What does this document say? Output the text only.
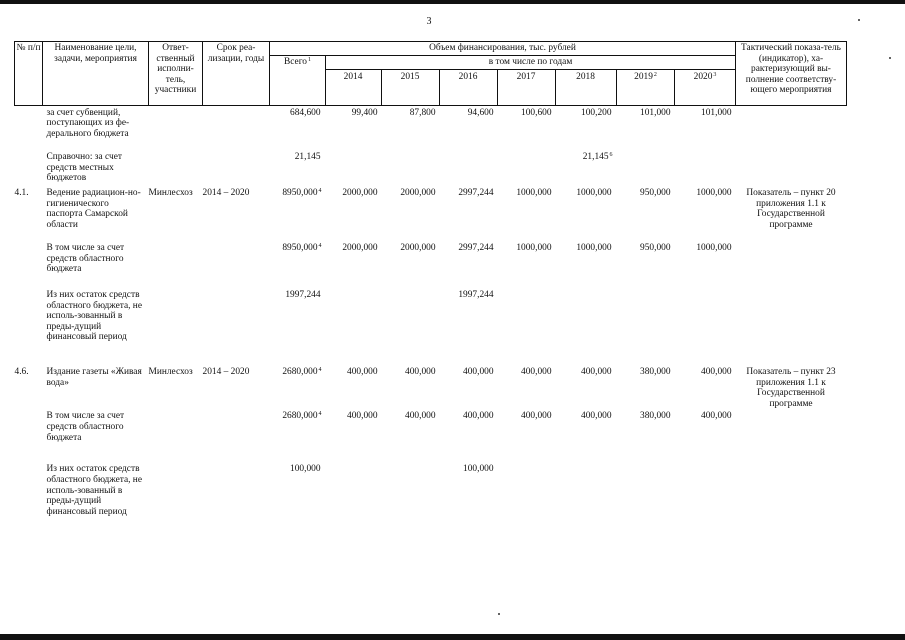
3
№ п/п	Наименование цели, задачи, мероприятия	Ответ-ственный исполни-тель, участники	Срок реа-лизации, годы	Объем финансирования, тыс. рублей								Тактический показа-тель (индикатор), ха-рактеризующий вы-полнение соответству-ющего мероприятия
				Всего$^1$	в том числе по годам							
					2014	2015	2016	2017	2018	2019$^2$	2020$^3$
	за счет субвенций, поступающих из фе-дерального бюджета			684,600	99,400	87,800	94,600	100,600	100,200	101,000	101,000	
	Справочно: за счет средств местных бюджетов			21,145					21,145$^6$			
4.1.	Ведение радиацион-но-гигиенического паспорта Самарской области	Минлесхоз	2014 – 2020	8950,000$^4$	2000,000	2000,000	2997,244	1000,000	1000,000	950,000	1000,000	Показатель – пункт 20 приложения 1.1 к Государственной программе
	В том числе за счет средств областного бюджета			8950,000$^4$	2000,000	2000,000	2997,244	1000,000	1000,000	950,000	1000,000	
	Из них остаток средств областного бюджета, не исполь-зованный в преды-дущий финансовый период			1997,244			1997,244					
4.6.	Издание газеты «Живая вода»	Минлесхоз	2014 – 2020	2680,000$^4$	400,000	400,000	400,000	400,000	400,000	380,000	400,000	Показатель – пункт 23 приложения 1.1 к Государственной программе
	В том числе за счет средств областного бюджета			2680,000$^4$	400,000	400,000	400,000	400,000	400,000	380,000	400,000	
	Из них остаток средств областного бюджета, не исполь-зованный в преды-дущий финансовый период			100,000			100,000					
